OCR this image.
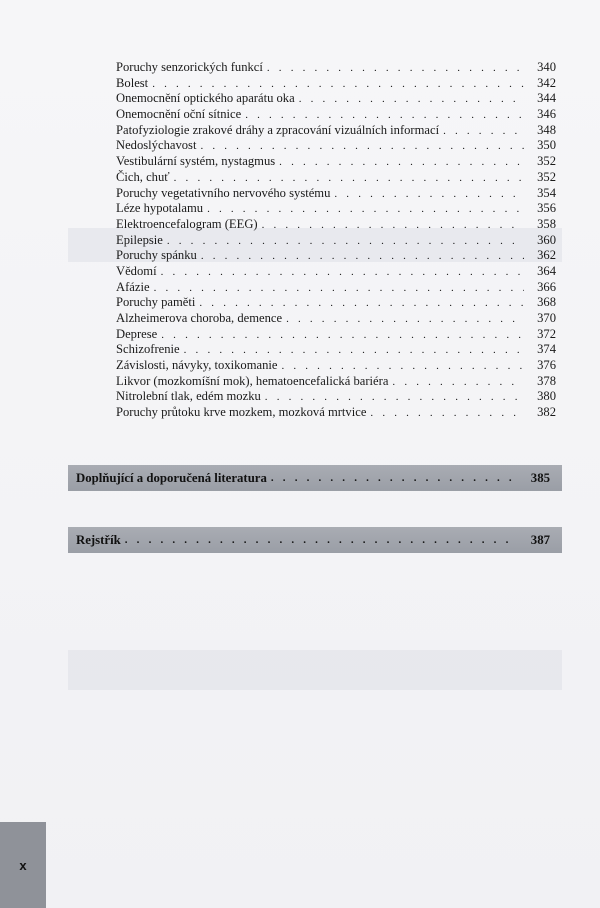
Poruchy senzorických funkcí . . .	340
Bolest . . .	342
Onemocnění optického aparátu oka . . .	344
Onemocnění oční sítnice . . .	346
Patofyziologie zrakové dráhy a zpracování vizuálních informací . . .	348
Nedoslýchavost . . .	350
Vestibulární systém, nystagmus . . .	352
Čich, chuť . . .	352
Poruchy vegetativního nervového systému . . .	354
Léze hypotalamu . . .	356
Elektroencefalogram (EEG) . . .	358
Epilepsie . . .	360
Poruchy spánku . . .	362
Vědomí . . .	364
Afázie . . .	366
Poruchy paměti . . .	368
Alzheimerova choroba, demence . . .	370
Deprese . . .	372
Schizofrenie . . .	374
Závislosti, návyky, toxikomanie . . .	376
Likvor (mozkomíšní mok), hematoencefalická bariéra . . .	378
Nitrolební tlak, edém mozku . . .	380
Poruchy průtoku krve mozkem, mozková mrtvice . . .	382
Doplňující a doporučená literatura . . .	385
Rejstřík . . .	387
x
